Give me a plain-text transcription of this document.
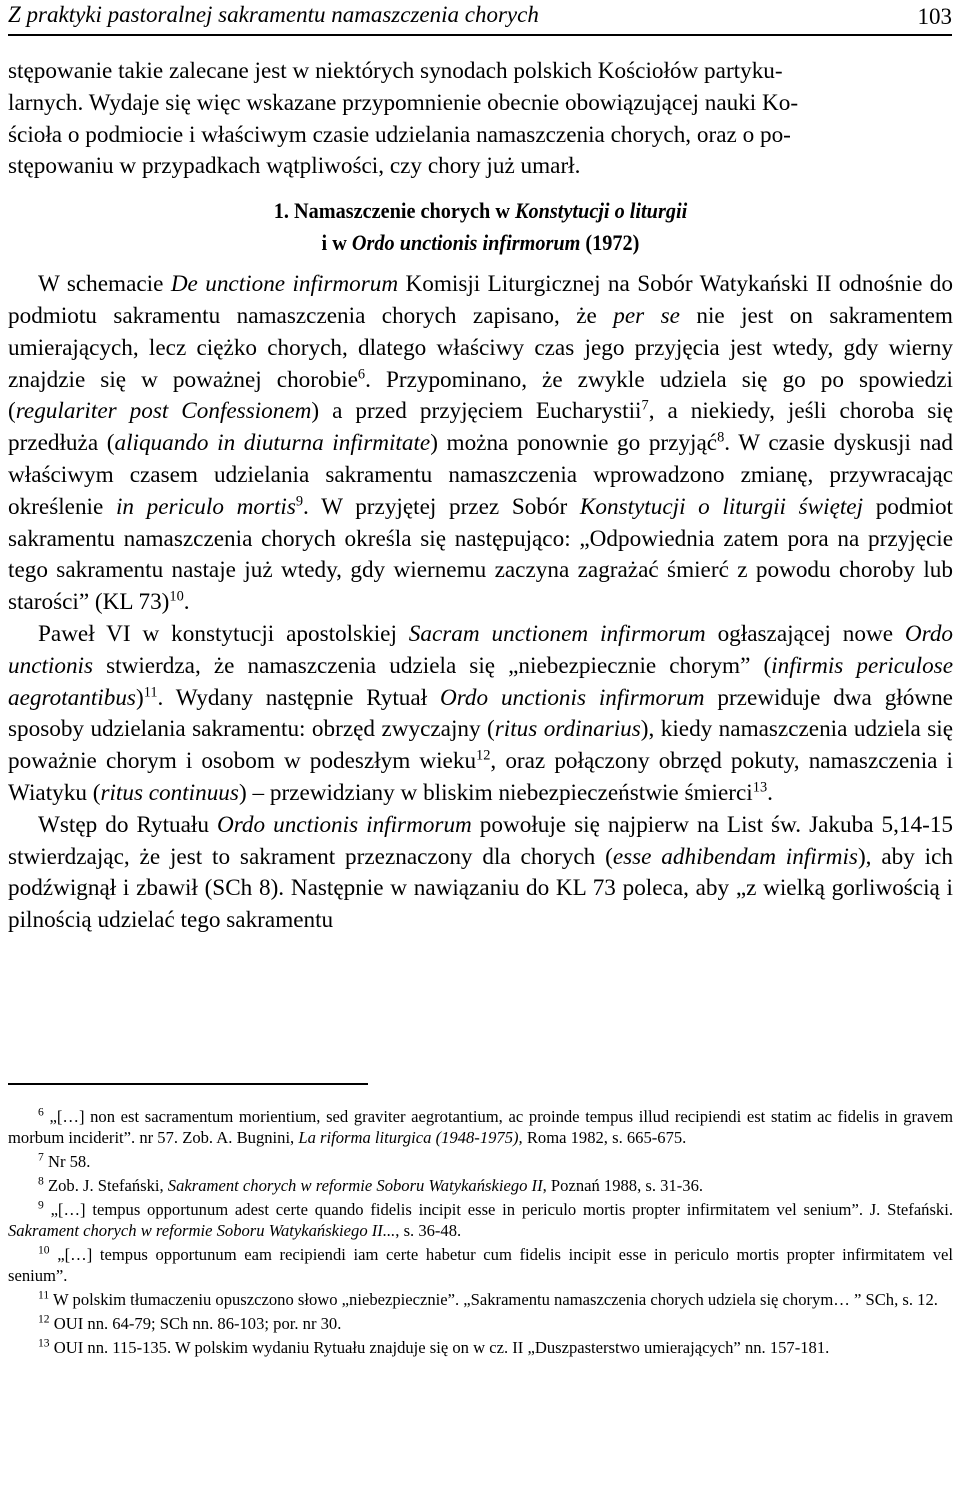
Z praktyki pastoralnej sakramentu namaszczenia chorych	103

stępowanie takie zalecane jest w niektórych synodach polskich Kościołów partyku-
larnych. Wydaje się więc wskazane przypomnienie obecnie obowiązującej nauki Ko-
ścioła o podmiocie i właściwym czasie udzielania namaszczenia chorych, oraz o po-
stępowaniu w przypadkach wątpliwości, czy chory już umarł.

1. Namaszczenie chorych w Konstytucji o liturgii
i w Ordo unctionis infirmorum (1972)

W schemacie De unctione infirmorum Komisji Liturgicznej na Sobór Watykański II odnośnie do podmiotu sakramentu namaszczenia chorych zapisano, że per se nie jest on sakramentem umierających, lecz ciężko chorych, dlatego właściwy czas jego przyjęcia jest wtedy, gdy wierny znajdzie się w poważnej chorobie$^6$. Przypominano, że zwykle udziela się go po spowiedzi (regulariter post Confessionem) a przed przyjęciem Eucharystii$^7$, a niekiedy, jeśli choroba się przedłuża (aliquando in diuturna infirmitate) można ponownie go przyjąć$^8$. W czasie dyskusji nad właściwym czasem udzielania sakramentu namaszczenia wprowadzono zmianę, przywracając określenie in periculo mortis$^9$. W przyjętej przez Sobór Konstytucji o liturgii świętej podmiot sakramentu namaszczenia chorych określa się następująco: „Odpowiednia zatem pora na przyjęcie tego sakramentu nastaje już wtedy, gdy wiernemu zaczyna zagrażać śmierć z powodu choroby lub starości” (KL 73)$^{10}$.

Paweł VI w konstytucji apostolskiej Sacram unctionem infirmorum ogłaszającej nowe Ordo unctionis stwierdza, że namaszczenia udziela się „niebezpiecznie chorym” (infirmis periculose aegrotantibus)$^{11}$. Wydany następnie Rytuał Ordo unctionis infirmorum przewiduje dwa główne sposoby udzielania sakramentu: obrzęd zwyczajny (ritus ordinarius), kiedy namaszczenia udziela się poważnie chorym i osobom w podeszłym wieku$^{12}$, oraz połączony obrzęd pokuty, namaszczenia i Wiatyku (ritus continuus) – przewidziany w bliskim niebezpieczeństwie śmierci$^{13}$.

Wstęp do Rytuału Ordo unctionis infirmorum powołuje się najpierw na List św. Jakuba 5,14-15 stwierdzając, że jest to sakrament przeznaczony dla chorych (esse adhibendam infirmis), aby ich podźwignął i zbawił (SCh 8). Następnie w nawiązaniu do KL 73 poleca, aby „z wielką gorliwością i pilnością udzielać tego sakramentu

$^6$ „[…] non est sacramentum morientium, sed graviter aegrotantium, ac proinde tempus illud recipiendi est statim ac fidelis in gravem morbum inciderit”. nr 57. Zob. A. Bugnini, La riforma liturgica (1948-1975), Roma 1982, s. 665-675.

$^7$ Nr 58.

$^8$ Zob. J. Stefański, Sakrament chorych w reformie Soboru Watykańskiego II, Poznań 1988, s. 31-36.

$^9$ „[…] tempus opportunum adest certe quando fidelis incipit esse in periculo mortis propter infirmitatem vel senium”. J. Stefański. Sakrament chorych w reformie Soboru Watykańskiego II..., s. 36-48.

$^{10}$ „[…] tempus opportunum eam recipiendi iam certe habetur cum fidelis incipit esse in periculo mortis propter infirmitatem vel senium”.

$^{11}$ W polskim tłumaczeniu opuszczono słowo „niebezpiecznie”. „Sakramentu namaszczenia chorych udziela się chorym… ” SCh, s. 12.

$^{12}$ OUI nn. 64-79; SCh nn. 86-103; por. nr 30.

$^{13}$ OUI nn. 115-135. W polskim wydaniu Rytuału znajduje się on w cz. II „Duszpasterstwo umierających” nn. 157-181.
